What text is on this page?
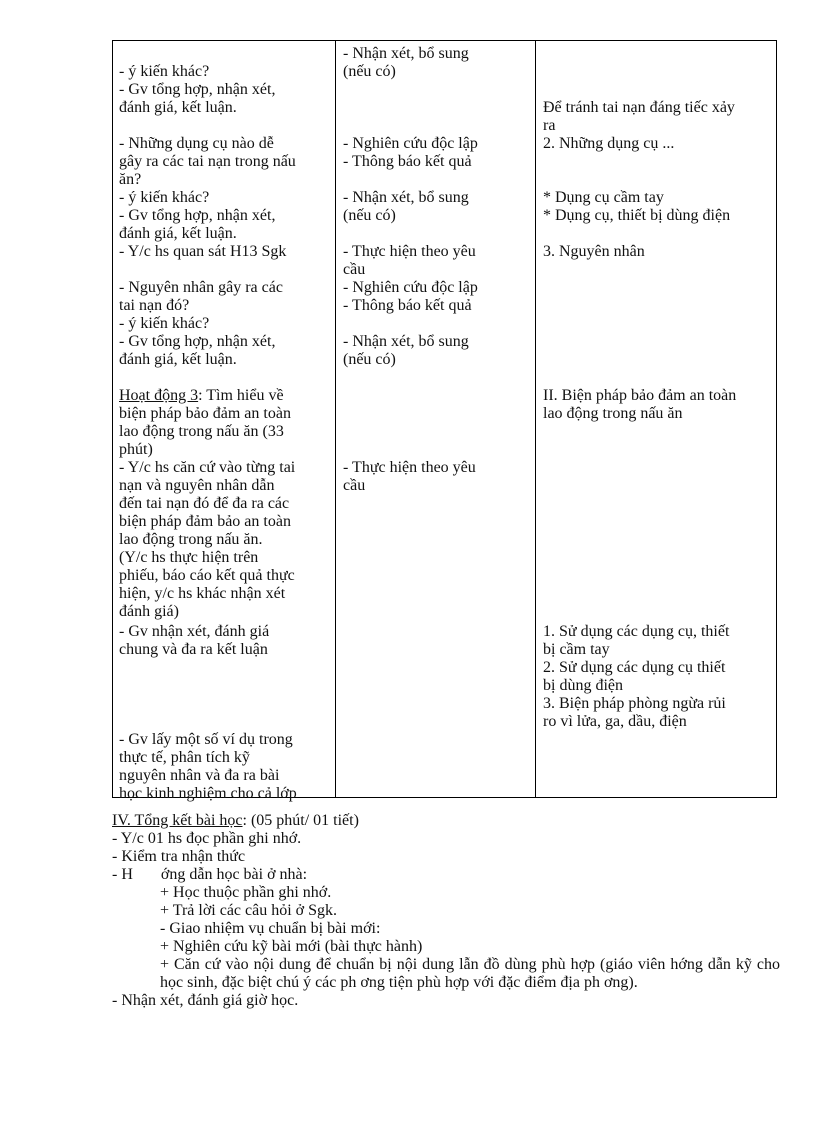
- ý kiến khác?
- Gv tổng hợp, nhận xét,
đánh giá, kết luận.
- Những dụng cụ nào dễ
gây ra các tai nạn trong nấu
ăn?
- ý kiến khác?
- Gv tổng hợp, nhận xét,
đánh giá, kết luận.
- Y/c hs quan sát H13 Sgk
- Nguyên nhân gây ra các
tai nạn đó?
- ý kiến khác?
- Gv tổng hợp, nhận xét,
đánh giá, kết luận.
Hoạt động 3: Tìm hiểu về
biện pháp bảo đảm an toàn
lao động trong nấu ăn (33
phút)
- Y/c hs căn cứ vào từng tai
nạn và nguyên nhân dẫn
đến tai nạn đó để đa ra các
biện pháp đảm bảo an toàn
lao động trong nấu ăn.
(Y/c hs thực hiện trên
phiếu, báo cáo kết quả thực
hiện, y/c hs khác nhận xét
đánh giá)
- Gv nhận xét, đánh giá
chung và đa ra kết luận
- Gv lấy một số ví dụ trong
thực tế, phân tích kỹ
nguyên nhân và đa ra bài
học kinh nghiệm cho cả lớp
- Nhận xét, bổ sung
(nếu có)
- Nghiên cứu độc lập
- Thông báo kết quả
- Nhận xét, bổ sung
(nếu có)
- Thực hiện theo yêu
cầu
- Nghiên cứu độc lập
- Thông báo kết quả
- Nhận xét, bổ sung
(nếu có)
- Thực hiện theo yêu
cầu
Để tránh tai nạn đáng tiếc xảy
ra
2. Những dụng cụ ...
* Dụng cụ cầm tay
* Dụng cụ, thiết bị dùng điện
3. Nguyên nhân
II. Biện pháp bảo đảm an toàn
lao động trong nấu ăn
1. Sử dụng các dụng cụ, thiết
bị cầm tay
2. Sử dụng các dụng cụ thiết
bị dùng điện
3. Biện pháp phòng ngừa rủi
ro vì lửa, ga, dầu, điện
IV. Tổng kết bài học: (05 phút/ 01 tiết)
- Y/c 01 hs đọc phần ghi nhớ.
- Kiểm tra nhận thức
- H       ớng dẫn học bài ở nhà:
+ Học thuộc phần ghi nhớ.
+ Trả lời các câu hỏi ở Sgk.
- Giao nhiệm vụ chuẩn bị bài mới:
+ Nghiên cứu kỹ bài mới (bài thực hành)
+ Căn cứ vào nội dung để chuẩn bị nội dung lẫn đồ dùng phù hợp (giáo viên hớng dẫn kỹ cho học sinh, đặc biệt chú ý các ph ơng tiện phù hợp với đặc điểm địa ph ơng).
- Nhận xét, đánh giá giờ học.
